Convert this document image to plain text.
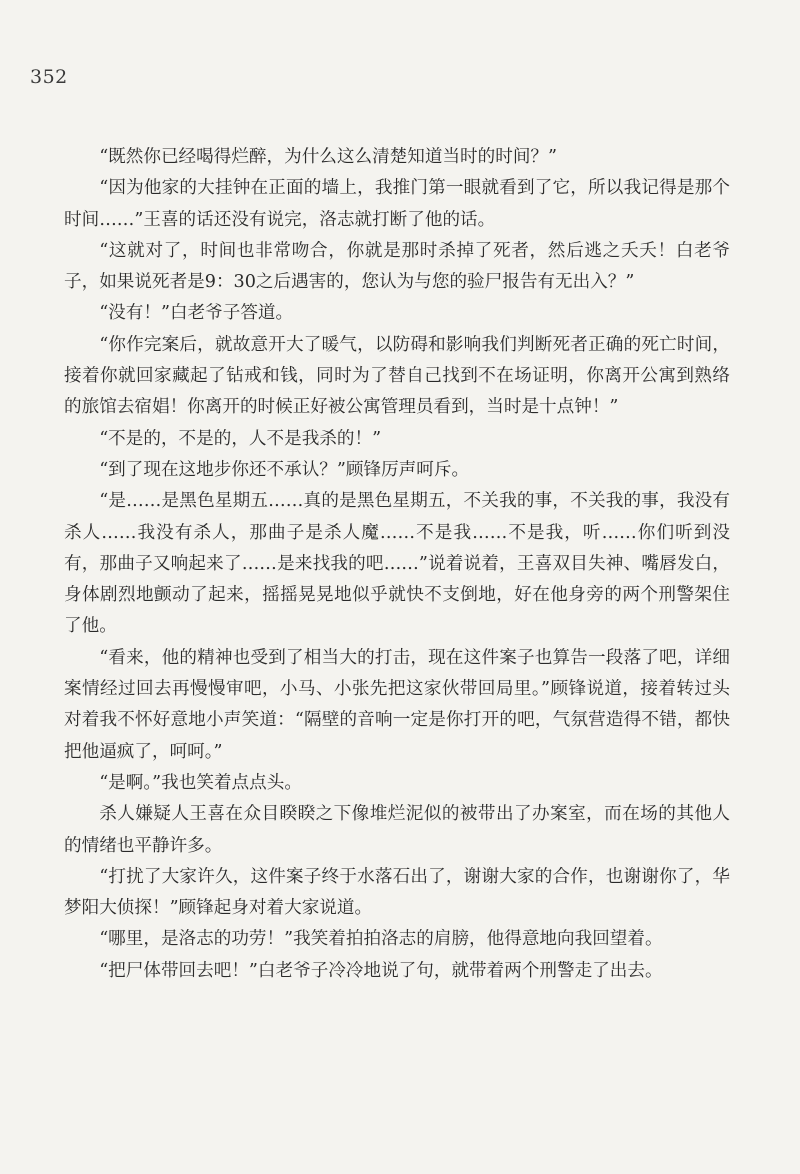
352

“既然你已经喝得烂醉，为什么这么清楚知道当时的时间？”

“因为他家的大挂钟在正面的墙上，我推门第一眼就看到了它，所以我记得是那个时间……”王喜的话还没有说完，洛志就打断了他的话。

“这就对了，时间也非常吻合，你就是那时杀掉了死者，然后逃之夭夭！白老爷子，如果说死者是9：30之后遇害的，您认为与您的验尸报告有无出入？”

“没有！”白老爷子答道。

“你作完案后，就故意开大了暖气，以防碍和影响我们判断死者正确的死亡时间，接着你就回家藏起了钻戒和钱，同时为了替自己找到不在场证明，你离开公寓到熟络的旅馆去宿娼！你离开的时候正好被公寓管理员看到，当时是十点钟！”

“不是的，不是的，人不是我杀的！”

“到了现在这地步你还不承认？”顾锋厉声呵斥。

“是……是黑色星期五……真的是黑色星期五，不关我的事，不关我的事，我没有杀人……我没有杀人，那曲子是杀人魔……不是我……不是我，听……你们听到没有，那曲子又响起来了……是来找我的吧……”说着说着，王喜双目失神、嘴唇发白，身体剧烈地颤动了起来，摇摇晃晃地似乎就快不支倒地，好在他身旁的两个刑警架住了他。

“看来，他的精神也受到了相当大的打击，现在这件案子也算告一段落了吧，详细案情经过回去再慢慢审吧，小马、小张先把这家伙带回局里。”顾锋说道，接着转过头对着我不怀好意地小声笑道：“隔壁的音响一定是你打开的吧，气氛营造得不错，都快把他逼疯了，呵呵。”

“是啊。”我也笑着点点头。

杀人嫌疑人王喜在众目睽睽之下像堆烂泥似的被带出了办案室，而在场的其他人的情绪也平静许多。

“打扰了大家许久，这件案子终于水落石出了，谢谢大家的合作，也谢谢你了，华梦阳大侦探！”顾锋起身对着大家说道。

“哪里，是洛志的功劳！”我笑着拍拍洛志的肩膀，他得意地向我回望着。

“把尸体带回去吧！”白老爷子冷冷地说了句，就带着两个刑警走了出去。
